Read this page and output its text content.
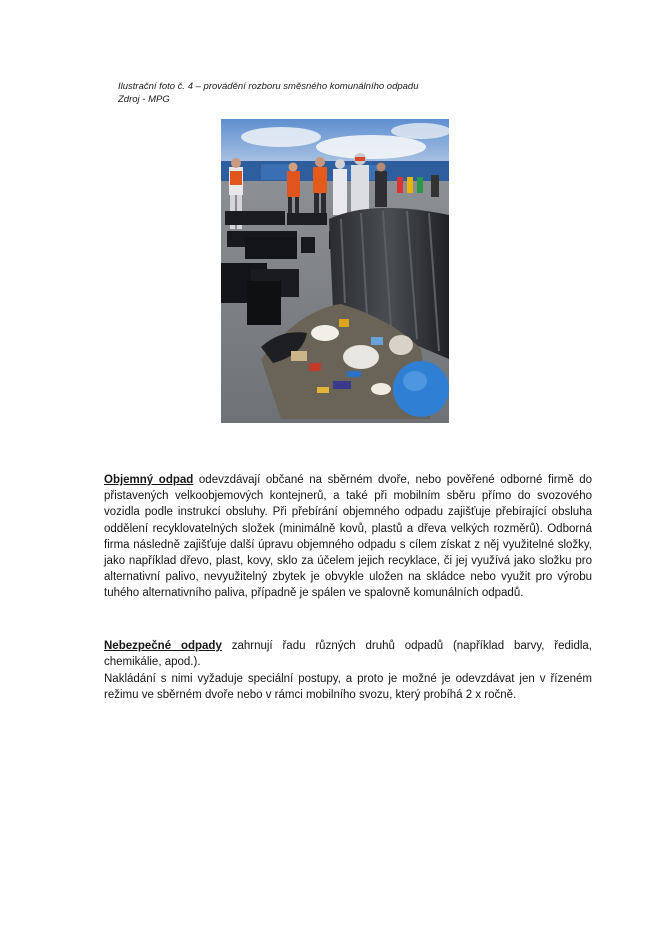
Ilustrační foto č. 4 – provádění rozboru směsného komunálního odpadu
Zdroj - MPG
Objemný odpad odevzdávají občané na sběrném dvoře, nebo pověřené odborné firmě do přistavených velkoobjemových kontejnerů, a také při mobilním sběru přímo do svozového vozidla podle instrukcí obsluhy. Při přebírání objemného odpadu zajišťuje přebírající obsluha oddělení recyklovatelných složek (minimálně kovů, plastů a dřeva velkých rozměrů). Odborná firma následně zajišťuje další úpravu objemného odpadu s cílem získat z něj využitelné složky, jako například dřevo, plast, kovy, sklo za účelem jejich recyklace, či jej využívá jako složku pro alternativní palivo, nevyužitelný zbytek je obvykle uložen na skládce nebo využit pro výrobu tuhého alternativního paliva, případně je spálen ve spalovně komunálních odpadů.
Nebezpečné odpady zahrnují řadu různých druhů odpadů (například barvy, ředidla, chemikálie, apod.).
Nakládání s nimi vyžaduje speciální postupy, a proto je možné je odevzdávat jen v řízeném režimu ve sběrném dvoře nebo v rámci mobilního svozu, který probíhá 2 x ročně.
